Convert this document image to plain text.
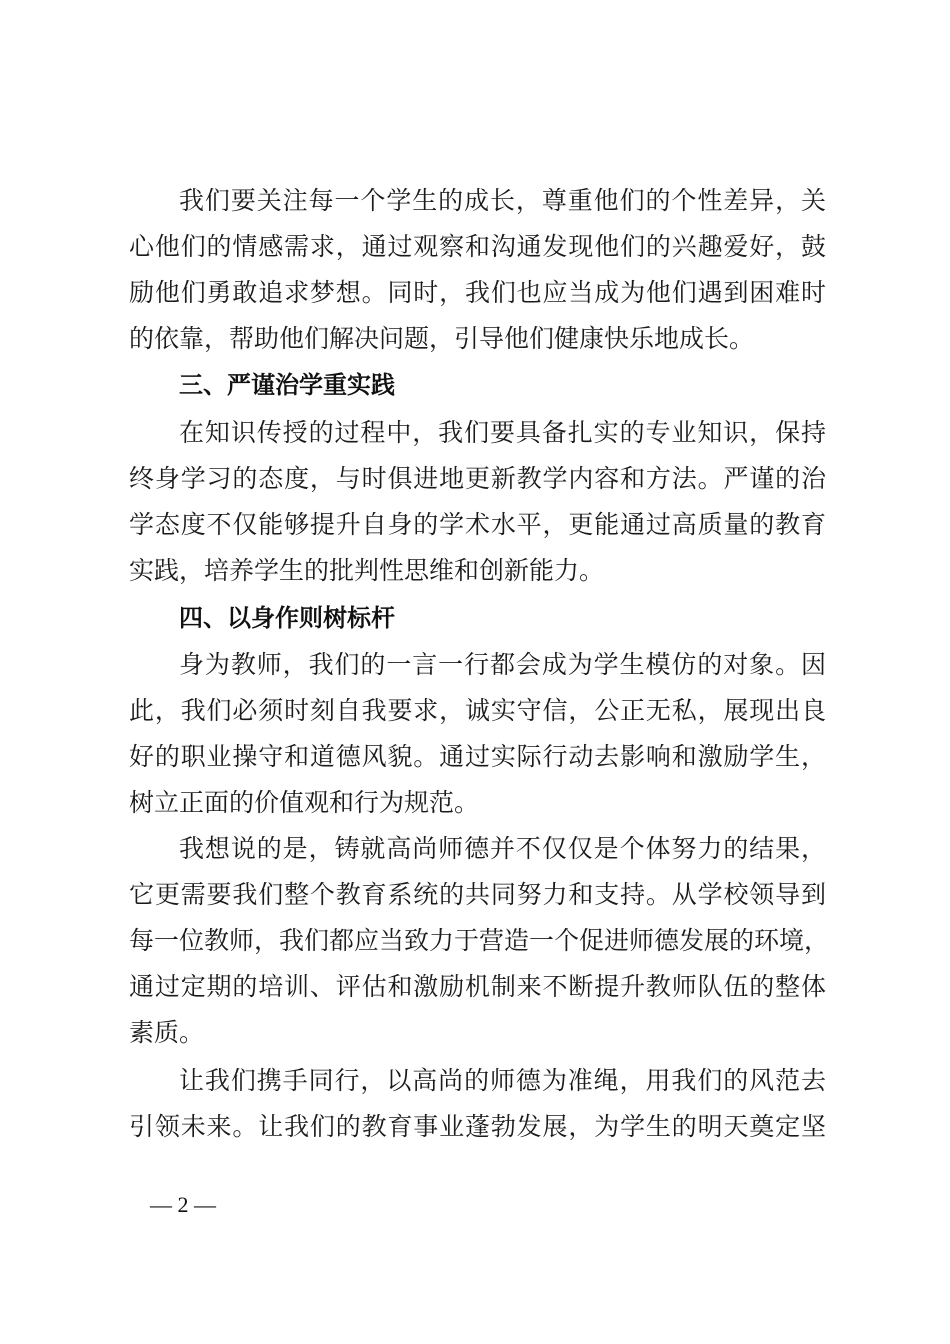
我们要关注每一个学生的成长，尊重他们的个性差异，关
心他们的情感需求，通过观察和沟通发现他们的兴趣爱好，鼓
励他们勇敢追求梦想。同时，我们也应当成为他们遇到困难时
的依靠，帮助他们解决问题，引导他们健康快乐地成长。
三、严谨治学重实践
在知识传授的过程中，我们要具备扎实的专业知识，保持
终身学习的态度，与时俱进地更新教学内容和方法。严谨的治
学态度不仅能够提升自身的学术水平，更能通过高质量的教育
实践，培养学生的批判性思维和创新能力。
四、以身作则树标杆
身为教师，我们的一言一行都会成为学生模仿的对象。因
此，我们必须时刻自我要求，诚实守信，公正无私，展现出良
好的职业操守和道德风貌。通过实际行动去影响和激励学生，
树立正面的价值观和行为规范。
我想说的是，铸就高尚师德并不仅仅是个体努力的结果，
它更需要我们整个教育系统的共同努力和支持。从学校领导到
每一位教师，我们都应当致力于营造一个促进师德发展的环境，
通过定期的培训、评估和激励机制来不断提升教师队伍的整体
素质。
让我们携手同行，以高尚的师德为准绳，用我们的风范去
引领未来。让我们的教育事业蓬勃发展，为学生的明天奠定坚
— 2 —
